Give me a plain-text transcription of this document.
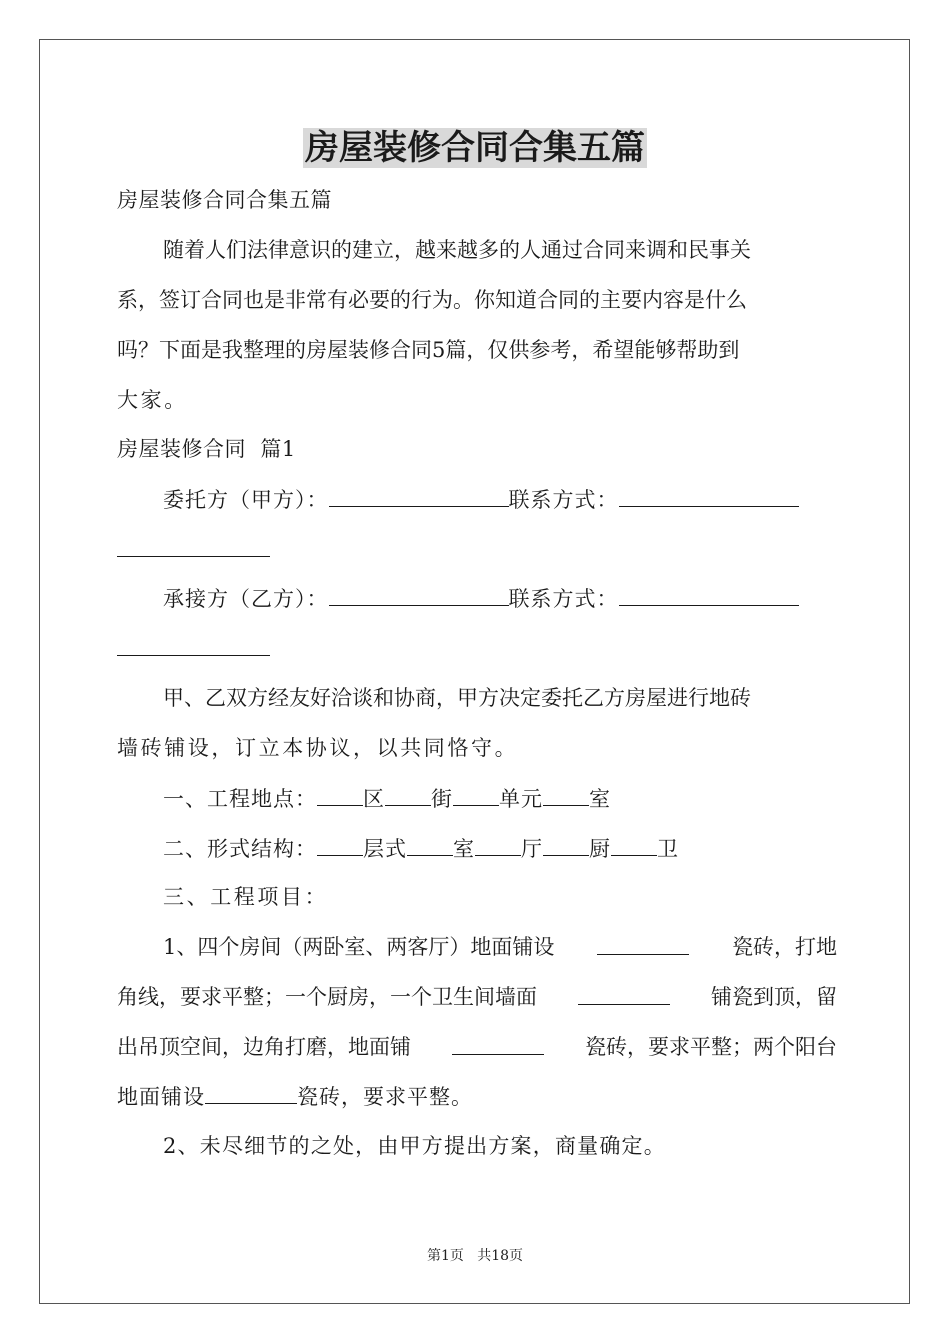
房屋装修合同合集五篇
房屋装修合同合集五篇
随着人们法律意识的建立，越来越多的人通过合同来调和民事关
系，签订合同也是非常有必要的行为。你知道合同的主要内容是什么
吗？下面是我整理的房屋装修合同5篇，仅供参考，希望能够帮助到
大家。
房屋装修合同  篇1
委托方（甲方）：	联系方式：
承接方（乙方）：	联系方式：
甲、乙双方经友好洽谈和协商，甲方决定委托乙方房屋进行地砖
墙砖铺设，订立本协议，以共同恪守。
一、工程地点： 区 街 单元 室
二、形式结构： 层式 室 厅 厨 卫
三、工程项目：
1、四个房间（两卧室、两客厅）地面铺设	瓷砖，打地
角线，要求平整；一个厨房，一个卫生间墙面	铺瓷到顶，留
出吊顶空间，边角打磨，地面铺	瓷砖，要求平整；两个阳台
地面铺设	瓷砖，要求平整。
2、未尽细节的之处，由甲方提出方案，商量确定。
第1页   共18页
